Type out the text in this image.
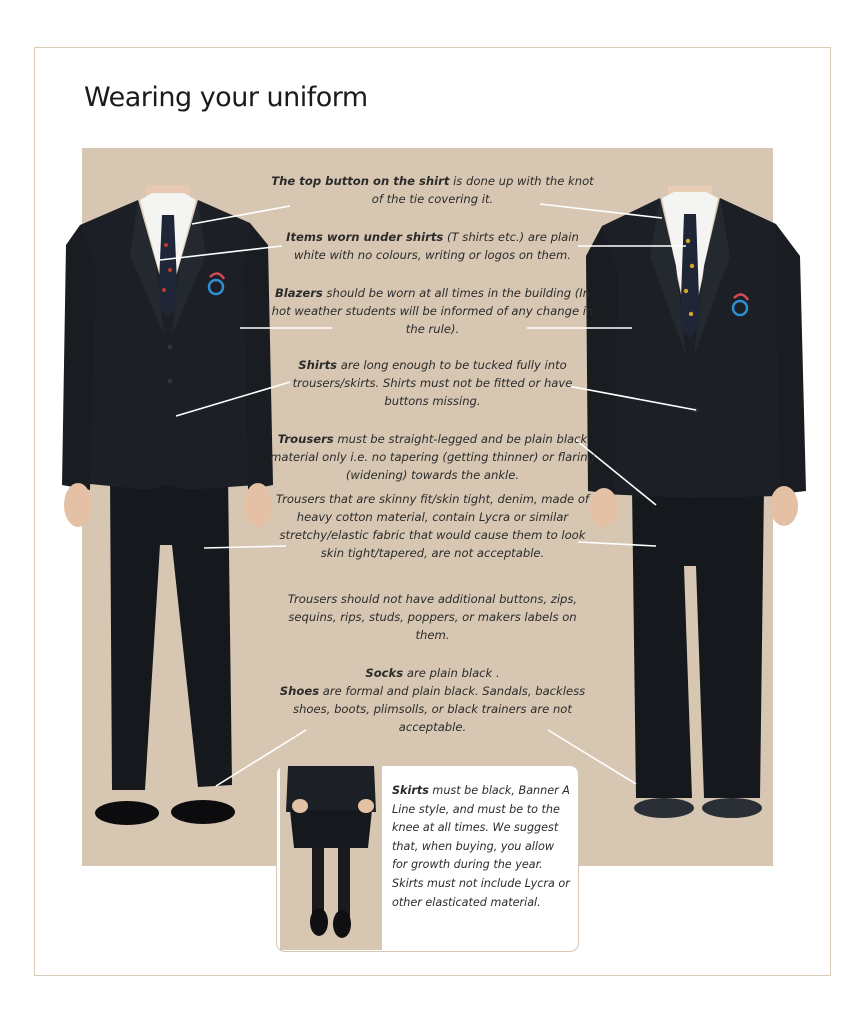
Wearing your uniform
The top button on the shirt is done up with the knot of the tie covering it.
Items worn under shirts (T shirts etc.) are plain white with no colours, writing or logos on them.
Blazers should be worn at all times in the building (In hot weather students will be informed of any change in the rule).
Shirts are long enough to be tucked fully into trousers/skirts. Shirts must not be fitted or have buttons missing.
Trousers must be straight-legged and be plain black material only i.e. no tapering (getting thinner) or flaring (widening) towards the ankle.
Trousers that are skinny fit/skin tight, denim, made of heavy cotton material, contain Lycra or similar stretchy/elastic fabric that would cause them to look skin tight/tapered, are not acceptable.
Trousers should not have additional buttons, zips, sequins, rips, studs, poppers, or makers labels on them.
Socks are plain black .
Shoes are formal and plain black. Sandals, backless shoes, boots, plimsolls, or black trainers are not acceptable.
Skirts must be black, Banner A Line style, and must be to the knee at all times. We suggest that, when buying, you allow for growth during the year. Skirts must not include Lycra or other elasticated material.
